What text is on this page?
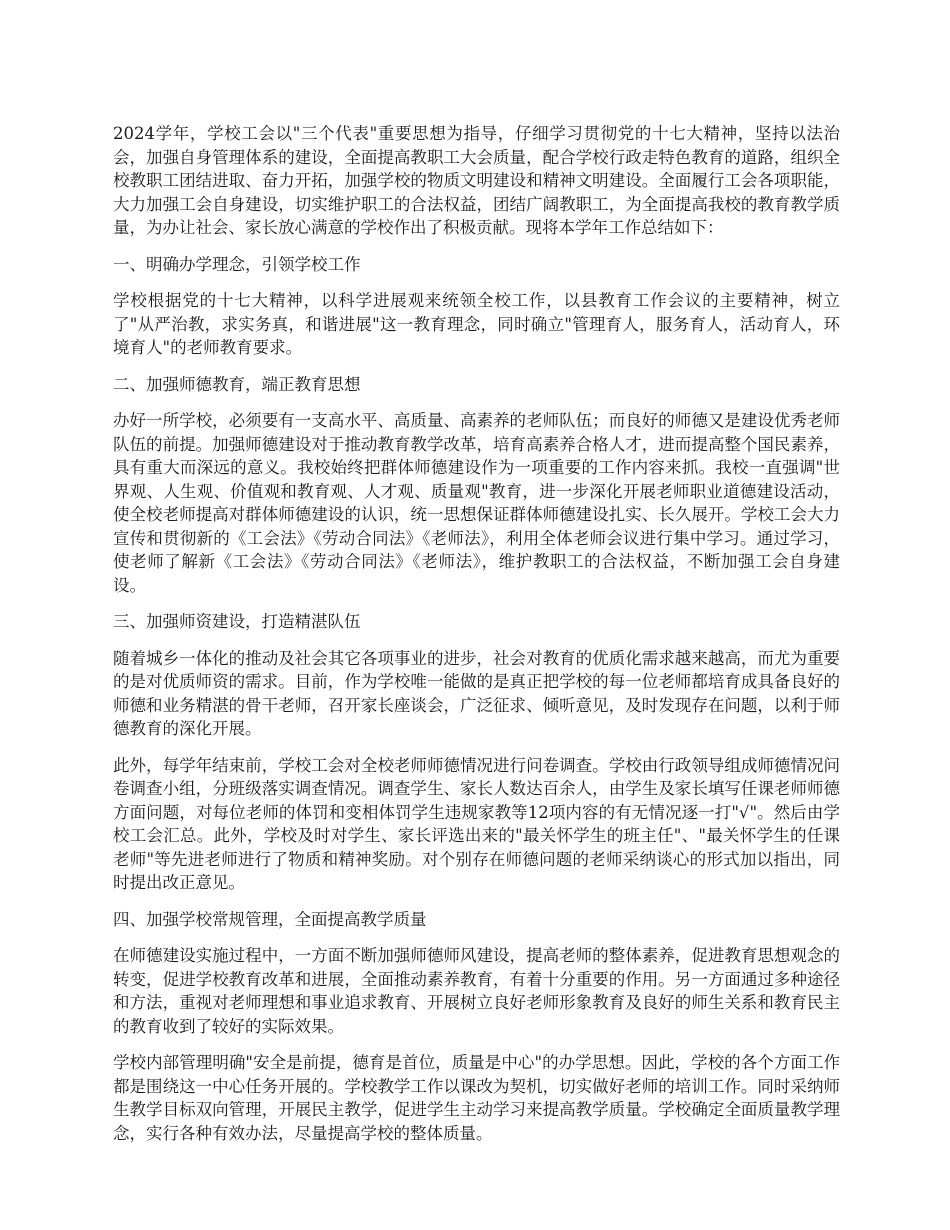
2024学年，学校工会以"三个代表"重要思想为指导，仔细学习贯彻党的十七大精神，坚持以法治会，加强自身管理体系的建设，全面提高教职工大会质量，配合学校行政走特色教育的道路，组织全校教职工团结进取、奋力开拓，加强学校的物质文明建设和精神文明建设。全面履行工会各项职能，大力加强工会自身建设，切实维护职工的合法权益，团结广阔教职工，为全面提高我校的教育教学质量，为办让社会、家长放心满意的学校作出了积极贡献。现将本学年工作总结如下：

一、明确办学理念，引领学校工作

学校根据党的十七大精神，以科学进展观来统领全校工作，以县教育工作会议的主要精神，树立了"从严治教，求实务真，和谐进展"这一教育理念，同时确立"管理育人，服务育人，活动育人，环境育人"的老师教育要求。

二、加强师德教育，端正教育思想

办好一所学校，必须要有一支高水平、高质量、高素养的老师队伍；而良好的师德又是建设优秀老师队伍的前提。加强师德建设对于推动教育教学改革，培育高素养合格人才，进而提高整个国民素养，具有重大而深远的意义。我校始终把群体师德建设作为一项重要的工作内容来抓。我校一直强调"世界观、人生观、价值观和教育观、人才观、质量观"教育，进一步深化开展老师职业道德建设活动，使全校老师提高对群体师德建设的认识，统一思想保证群体师德建设扎实、长久展开。学校工会大力宣传和贯彻新的《工会法》《劳动合同法》《老师法》，利用全体老师会议进行集中学习。通过学习，使老师了解新《工会法》《劳动合同法》《老师法》，维护教职工的合法权益，不断加强工会自身建设。

三、加强师资建设，打造精湛队伍

随着城乡一体化的推动及社会其它各项事业的进步，社会对教育的优质化需求越来越高，而尤为重要的是对优质师资的需求。目前，作为学校唯一能做的是真正把学校的每一位老师都培育成具备良好的师德和业务精湛的骨干老师，召开家长座谈会，广泛征求、倾听意见，及时发现存在问题，以利于师德教育的深化开展。

此外，每学年结束前，学校工会对全校老师师德情况进行问卷调查。学校由行政领导组成师德情况问卷调查小组，分班级落实调查情况。调查学生、家长人数达百余人，由学生及家长填写任课老师师德方面问题，对每位老师的体罚和变相体罚学生违规家教等12项内容的有无情况逐一打"√"。然后由学校工会汇总。此外，学校及时对学生、家长评选出来的"最关怀学生的班主任"、"最关怀学生的任课老师"等先进老师进行了物质和精神奖励。对个别存在师德问题的老师采纳谈心的形式加以指出，同时提出改正意见。

四、加强学校常规管理，全面提高教学质量

在师德建设实施过程中，一方面不断加强师德师风建设，提高老师的整体素养，促进教育思想观念的转变，促进学校教育改革和进展，全面推动素养教育，有着十分重要的作用。另一方面通过多种途径和方法，重视对老师理想和事业追求教育、开展树立良好老师形象教育及良好的师生关系和教育民主的教育收到了较好的实际效果。

学校内部管理明确"安全是前提，德育是首位，质量是中心"的办学思想。因此，学校的各个方面工作都是围绕这一中心任务开展的。学校教学工作以课改为契机，切实做好老师的培训工作。同时采纳师生教学目标双向管理，开展民主教学，促进学生主动学习来提高教学质量。学校确定全面质量教学理念，实行各种有效办法，尽量提高学校的整体质量。
